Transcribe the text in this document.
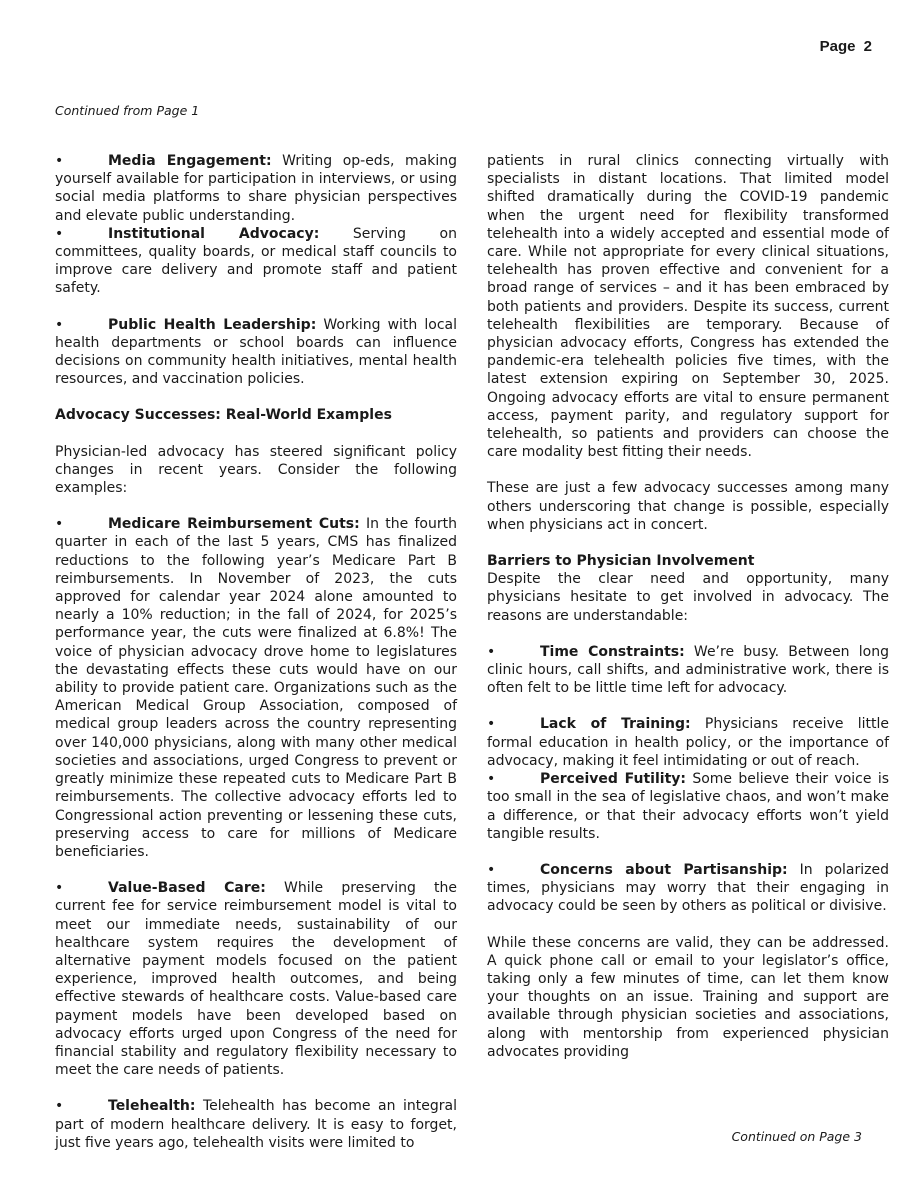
Page 2
Continued from Page 1

•	Media Engagement: Writing op-eds, making yourself available for participation in interviews, or using social media platforms to share physician perspectives and elevate public understanding.

•	Institutional Advocacy: Serving on committees, quality boards, or medical staff councils to improve care delivery and promote staff and patient safety.

•	Public Health Leadership: Working with local health departments or school boards can influence decisions on community health initiatives, mental health resources, and vaccination policies.

Advocacy Successes: Real-World Examples

Physician-led advocacy has steered significant policy changes in recent years. Consider the following examples:

•	Medicare Reimbursement Cuts: In the fourth quarter in each of the last 5 years, CMS has finalized reductions to the following year’s Medicare Part B reimbursements. In November of 2023, the cuts approved for calendar year 2024 alone amounted to nearly a 10% reduction; in the fall of 2024, for 2025’s performance year, the cuts were finalized at 6.8%! The voice of physician advocacy drove home to legislatures the devastating effects these cuts would have on our ability to provide patient care. Organizations such as the American Medical Group Association, composed of medical group leaders across the country representing over 140,000 physicians, along with many other medical societies and associations, urged Congress to prevent or greatly minimize these repeated cuts to Medicare Part B reimbursements. The collective advocacy efforts led to Congressional action preventing or lessening these cuts, preserving access to care for millions of Medicare beneficiaries.

•	Value-Based Care: While preserving the current fee for service reimbursement model is vital to meet our immediate needs, sustainability of our healthcare system requires the development of alternative payment models focused on the patient experience, improved health outcomes, and being effective stewards of healthcare costs. Value-based care payment models have been developed based on advocacy efforts urged upon Congress of the need for financial stability and regulatory flexibility necessary to meet the care needs of patients.

•	Telehealth: Telehealth has become an integral part of modern healthcare delivery. It is easy to forget, just five years ago, telehealth visits were limited to

patients in rural clinics connecting virtually with specialists in distant locations. That limited model shifted dramatically during the COVID-19 pandemic when the urgent need for flexibility transformed telehealth into a widely accepted and essential mode of care. While not appropriate for every clinical situations, telehealth has proven effective and convenient for a broad range of services – and it has been embraced by both patients and providers. Despite its success, current telehealth flexibilities are temporary. Because of physician advocacy efforts, Congress has extended the pandemic-era telehealth policies five times, with the latest extension expiring on September 30, 2025. Ongoing advocacy efforts are vital to ensure permanent access, payment parity, and regulatory support for telehealth, so patients and providers can choose the care modality best fitting their needs.

These are just a few advocacy successes among many others underscoring that change is possible, especially when physicians act in concert.

Barriers to Physician Involvement

Despite the clear need and opportunity, many physicians hesitate to get involved in advocacy. The reasons are understandable:

•	Time Constraints: We’re busy. Between long clinic hours, call shifts, and administrative work, there is often felt to be little time left for advocacy.

•	Lack of Training: Physicians receive little formal education in health policy, or the importance of advocacy, making it feel intimidating or out of reach.

•	Perceived Futility: Some believe their voice is too small in the sea of legislative chaos, and won’t make a difference, or that their advocacy efforts won’t yield tangible results.

•	Concerns about Partisanship: In polarized times, physicians may worry that their engaging in advocacy could be seen by others as political or divisive.

While these concerns are valid, they can be addressed. A quick phone call or email to your legislator’s office, taking only a few minutes of time, can let them know your thoughts on an issue. Training and support are available through physician societies and associations, along with mentorship from experienced physician advocates providing

Continued on Page 3
